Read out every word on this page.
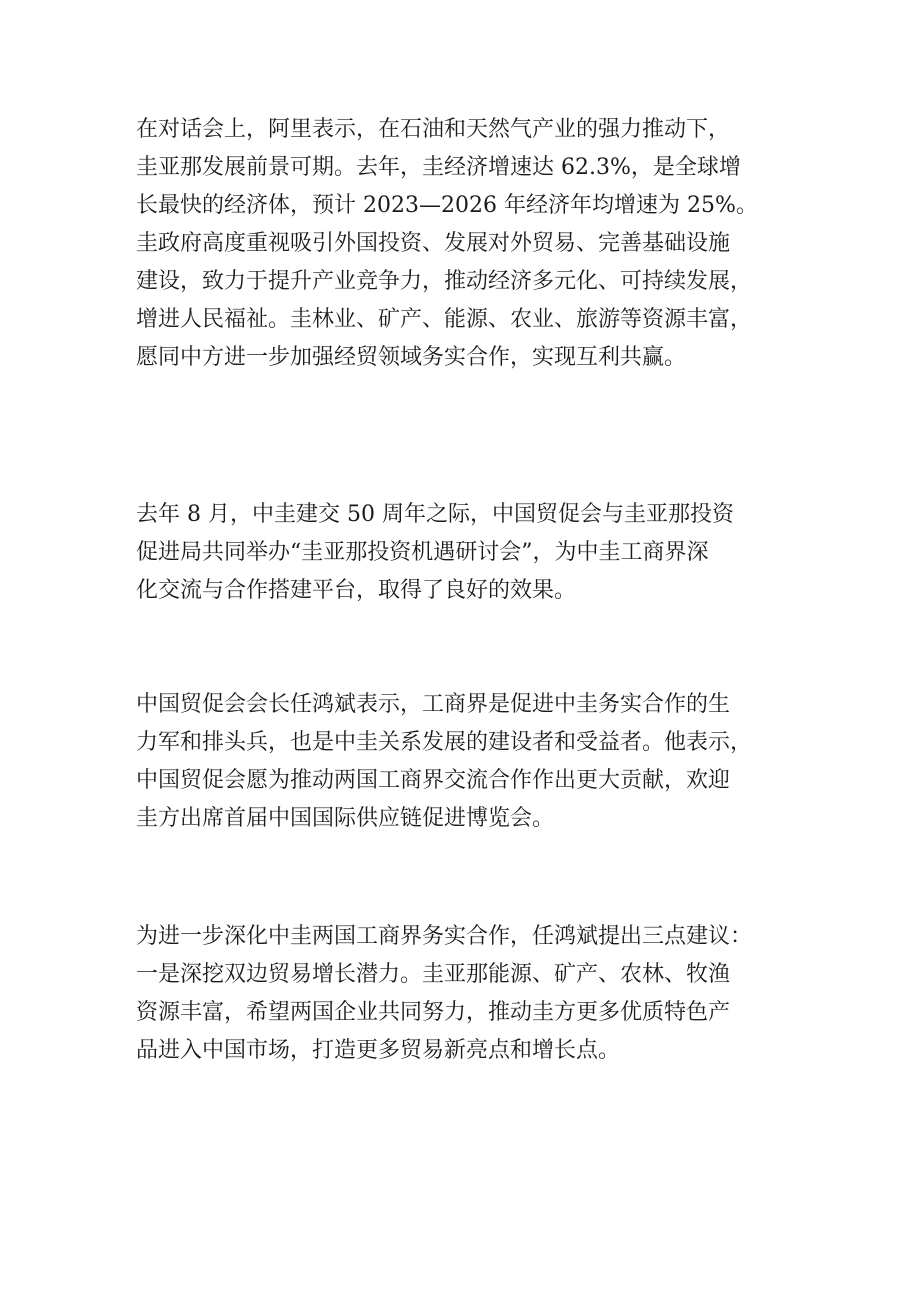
在对话会上，阿里表示，在石油和天然气产业的强力推动下，
圭亚那发展前景可期。去年，圭经济增速达 62.3%，是全球增
长最快的经济体，预计 2023—2026 年经济年均增速为 25%。
圭政府高度重视吸引外国投资、发展对外贸易、完善基础设施
建设，致力于提升产业竞争力，推动经济多元化、可持续发展，
增进人民福祉。圭林业、矿产、能源、农业、旅游等资源丰富，
愿同中方进一步加强经贸领域务实合作，实现互利共赢。
去年 8 月，中圭建交 50 周年之际，中国贸促会与圭亚那投资
促进局共同举办“圭亚那投资机遇研讨会”，为中圭工商界深
化交流与合作搭建平台，取得了良好的效果。
中国贸促会会长任鸿斌表示，工商界是促进中圭务实合作的生
力军和排头兵，也是中圭关系发展的建设者和受益者。他表示，
中国贸促会愿为推动两国工商界交流合作作出更大贡献，欢迎
圭方出席首届中国国际供应链促进博览会。
为进一步深化中圭两国工商界务实合作，任鸿斌提出三点建议：
一是深挖双边贸易增长潜力。圭亚那能源、矿产、农林、牧渔
资源丰富，希望两国企业共同努力，推动圭方更多优质特色产
品进入中国市场，打造更多贸易新亮点和增长点。
